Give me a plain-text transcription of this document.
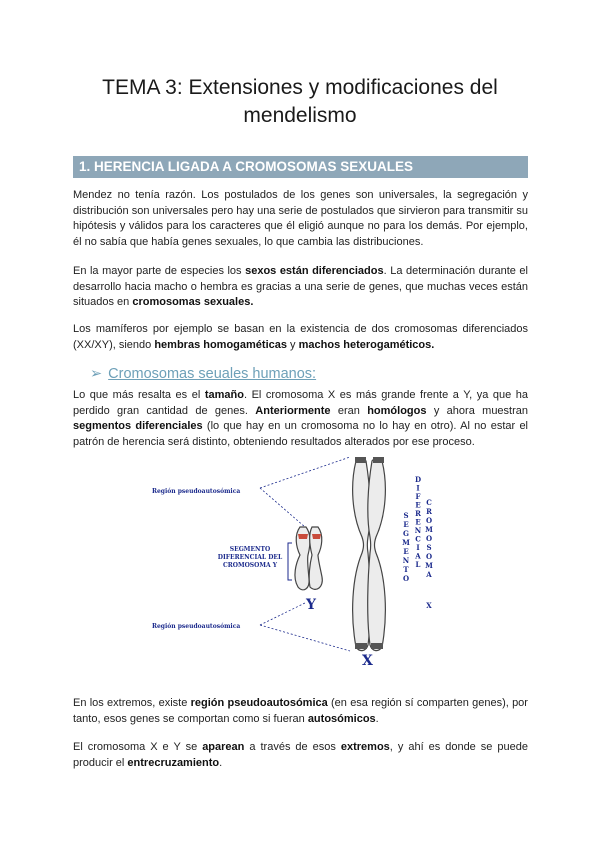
TEMA 3: Extensiones y modificaciones del
mendelismo
1. HERENCIA LIGADA A CROMOSOMAS SEXUALES

Mendez no tenía razón. Los postulados de los genes son universales, la segregación y distribución son universales pero hay una serie de postulados que sirvieron para transmitir su hipótesis y válidos para los caracteres que él eligió aunque no para los demás. Por ejemplo, él no sabía que había genes sexuales, lo que cambia las distribuciones.

En la mayor parte de especies los sexos están diferenciados. La determinación durante el desarrollo hacia macho o hembra es gracias a una serie de genes, que muchas veces están situados en cromosomas sexuales.

Los mamíferos por ejemplo se basan en la existencia de dos cromosomas diferenciados (XX/XY), siendo hembras homogaméticas y machos heterogaméticos.

➢ Cromosomas seuales humanos:

Lo que más resalta es el tamaño. El cromosoma X es más grande frente a Y, ya que ha perdido gran cantidad de genes. Anteriormente eran homólogos y ahora muestran segmentos diferenciales (lo que hay en un cromosoma no lo hay en otro). Al no estar el patrón de herencia será distinto, obteniendo resultados alterados por ese proceso.

Región pseudoautosómica
Región pseudoautosómica
SEGMENTO
DIFERENCIAL DEL
CROMOSOMA Y
Y
X
S
E
G
M
E
N
T
O
D
I
F
E
R
E
N
C
I
A
L
C
R
O
M
O
S
O
M
A
X

En los extremos, existe región pseudoautosómica (en esa región sí comparten genes), por tanto, esos genes se comportan como si fueran autosómicos.

El cromosoma X e Y se aparean a través de esos extremos, y ahí es donde se puede producir el entrecruzamiento.
